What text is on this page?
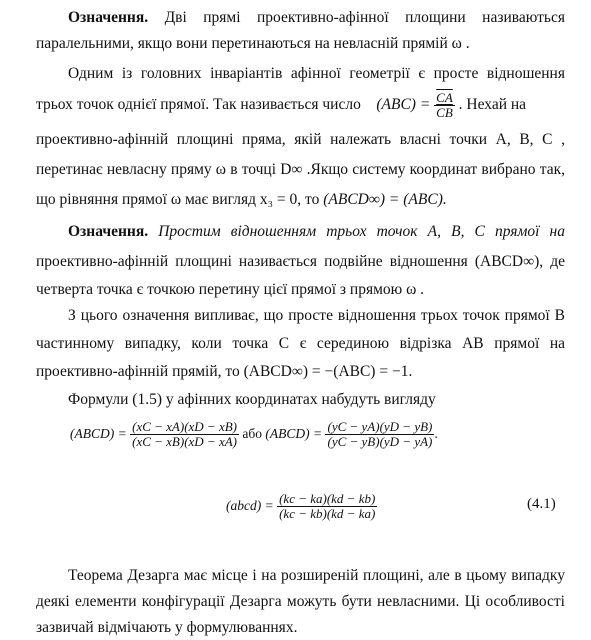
Означення. Дві прямі проективно-афінної площини називаються
паралельними, якщо вони перетинаються на невласній прямій ω .
Одним із головних інваріантів афінної геометрії є просте відношення
трьох точок однієї прямої. Так називається число $(ABC) = \frac{\overline{CA}}{CB}$ . Нехай на
проективно-афінній площині пряма, якій належать власні точки A, B, C ,
перетинає невласну пряму ω в точці D∞ .Якщо систему координат вибрано так,
що рівняння прямої ω має вигляд x₃ = 0, то (ABCD∞) = (ABC).
Означення. Простим відношенням трьох точок A, B, C прямої на
проективно-афінній площині називається подвійне відношення (ABCD∞), де
четверта точка є точкою перетину цієї прямої з прямою ω .
З цього означення випливає, що просте відношення трьох точок прямої В
частинному випадку, коли точка C є серединою відрізка AB прямої на
проективно-афінній прямій, то (ABCD∞) = −(ABC) = −1.
Формули (1.5) у афінних координатах набудуть вигляду
(ABCD) = $\frac{(xC - xA)(xD - xB)}{(xC - xB)(xD - xA)}$ або (ABCD) = $\frac{(yC - yA)(yD - yB)}{(yC - yB)(yD - yA)}$ .
(abcd) = $\frac{(kc - ka)(kd - kb)}{(kc - kb)(kd - ka)}$	(4.1)
Теорема Дезарга має місце і на розширеній площині, але в цьому випадку
деякі елементи конфігурації Дезарга можуть бути невласними. Ці особливості
зазвичай відмічають у формулюваннях.
